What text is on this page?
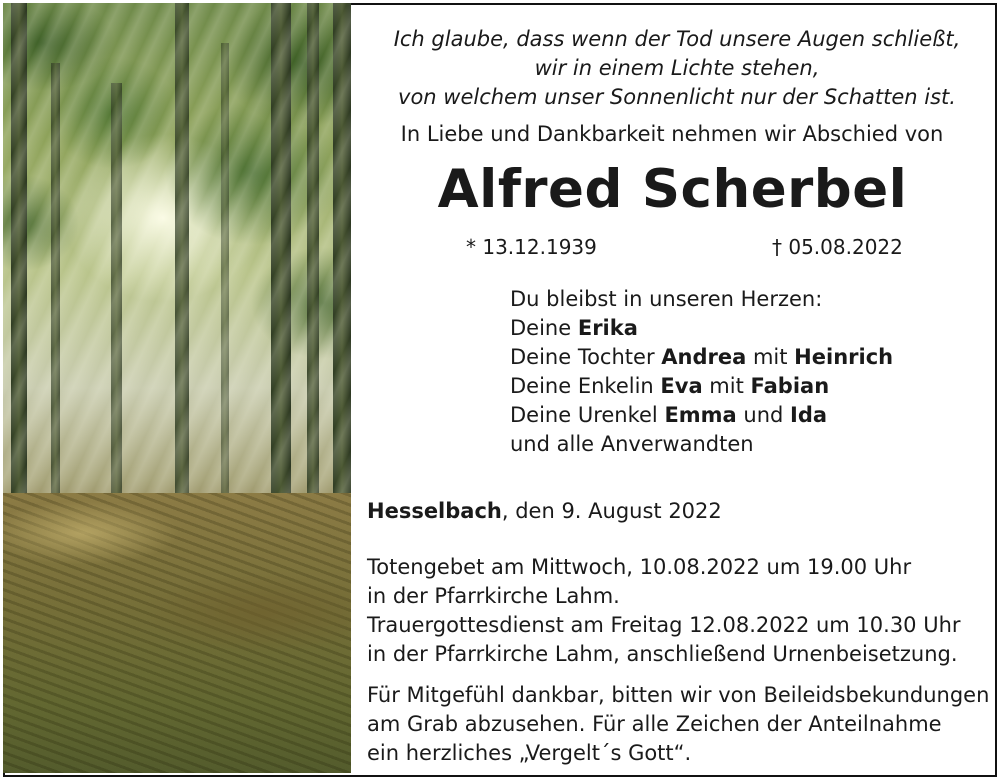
Ich glaube, dass wenn der Tod unsere Augen schließt,
wir in einem Lichte stehen,
von welchem unser Sonnenlicht nur der Schatten ist.
In Liebe und Dankbarkeit nehmen wir Abschied von
Alfred Scherbel
* 13.12.1939	† 05.08.2022
Du bleibst in unseren Herzen:
Deine Erika
Deine Tochter Andrea mit Heinrich
Deine Enkelin Eva mit Fabian
Deine Urenkel Emma und Ida
und alle Anverwandten
Hesselbach, den 9. August 2022
Totengebet am Mittwoch, 10.08.2022 um 19.00 Uhr
in der Pfarrkirche Lahm.
Trauergottesdienst am Freitag 12.08.2022 um 10.30 Uhr
in der Pfarrkirche Lahm, anschließend Urnenbeisetzung.
Für Mitgefühl dankbar, bitten wir von Beileidsbekundungen
am Grab abzusehen. Für alle Zeichen der Anteilnahme
ein herzliches „Vergelt´s Gott“.
